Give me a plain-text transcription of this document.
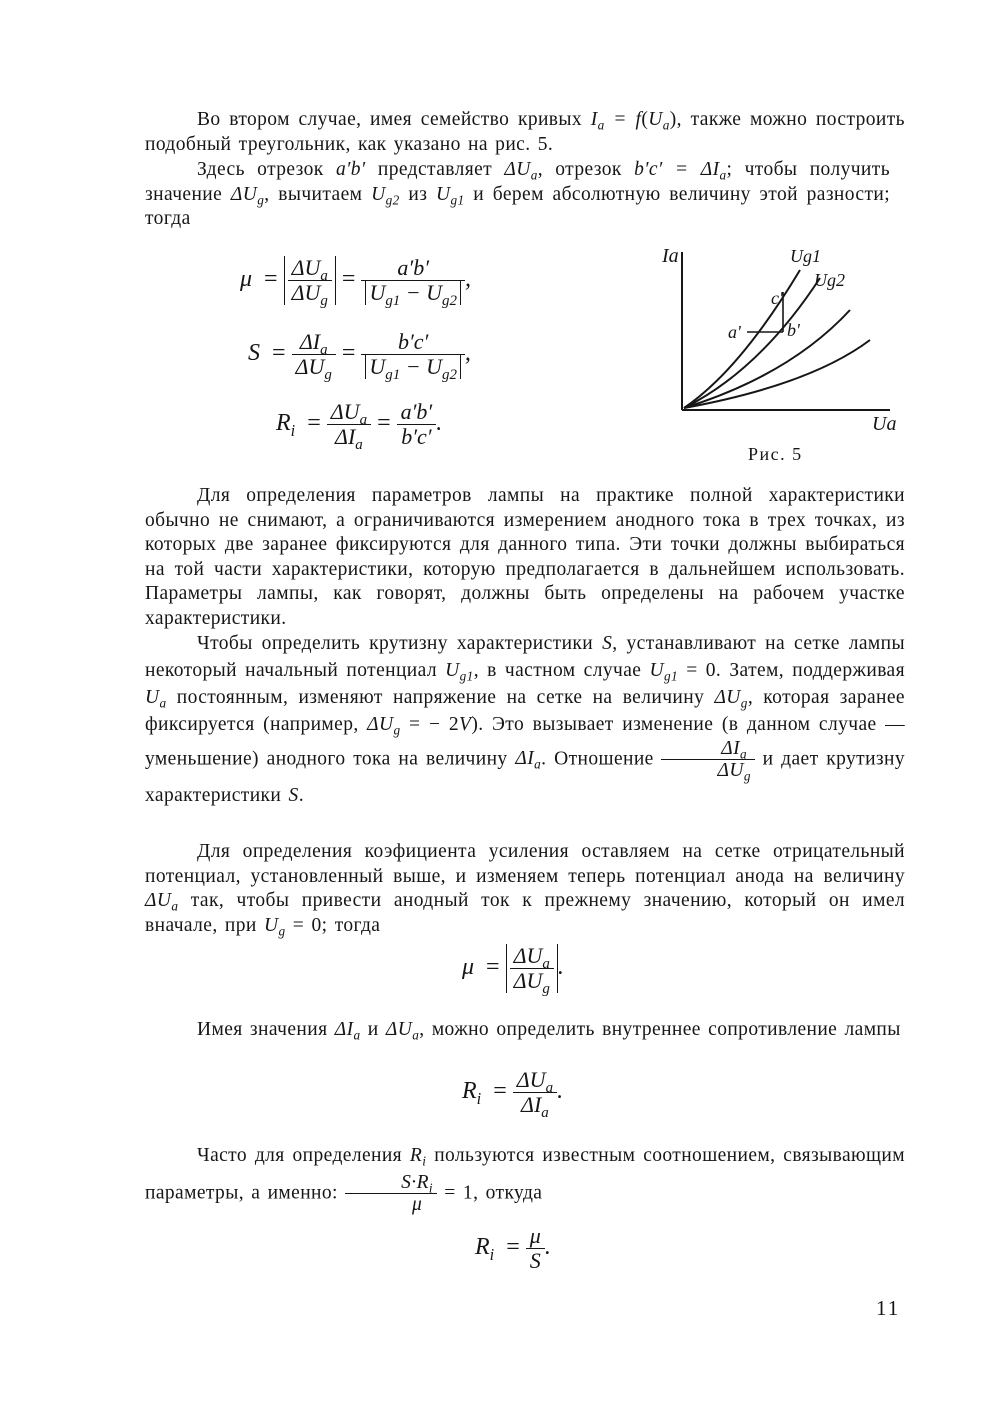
Во втором случае, имея семейство кривых $I_a = f(U_a)$, также можно построить подобный треугольник, как указано на рис. 5.
Здесь отрезок a′b′ представляет $\Delta U_a$, отрезок $b'c' = \Delta I_a$; чтобы получить значение $\Delta U_g$, вычитаем $U_{g2}$ из $U_{g1}$ и берем абсолютную величину этой разности; тогда
$\mu = \frac{\Delta U_a}{\Delta U_g} = \frac{a'b'}{U_{g1} - U_{g2}}$ ,
$S = \frac{\Delta I_a}{\Delta U_g} = \frac{b'c'}{U_{g1} - U_{g2}}$ ,
$R_i = \frac{\Delta U_a}{\Delta I_a} = \frac{a'b'}{b'c'}$ .
Ia
Ua
Ug1
Ug2
a'	b'
c'
Рис. 5
Для определения параметров лампы на практике полной характеристики обычно не снимают, а ограничиваются измерением анодного тока в трех точках, из которых две заранее фиксируются для данного типа. Эти точки должны выбираться на той части характеристики, которую предполагается в дальнейшем использовать. Параметры лампы, как говорят, должны быть определены на рабочем участке характеристики.
Чтобы определить крутизну характеристики S, устанавливают на сетке лампы некоторый начальный потенциал $U_{g1}$, в частном случае $U_{g1} = 0$. Затем, поддерживая $U_a$ постоянным, изменяют напряжение на сетке на величину $\Delta U_g$, которая заранее фиксируется (например, $\Delta U_g$ = − 2V). Это вызывает изменение (в данном случае — уменьшение) анодного тока на величину $\Delta I_a$. Отношение $\frac{\Delta I_a}{\Delta U_g}$ и дает крутизну характеристики S.
Для определения коэфициента усиления оставляем на сетке отрицательный потенциал, установленный выше, и изменяем теперь потенциал анода на величину $\Delta U_a$ так, чтобы привести анодный ток к прежнему значению, который он имел вначале, при $U_g = 0$; тогда
$\mu = \frac{\Delta U_a}{\Delta U_g}$ .
Имея значения $\Delta I_a$ и $\Delta U_a$, можно определить внутреннее сопротивление лампы
$R_i = \frac{\Delta U_a}{\Delta I_a}$ .
Часто для определения $R_i$ пользуются известным соотношением, связывающим параметры, а именно: $\frac{S\cdot R_i}{\mu} = 1$, откуда
$R_i = \frac{\mu}{S}$ .
11
